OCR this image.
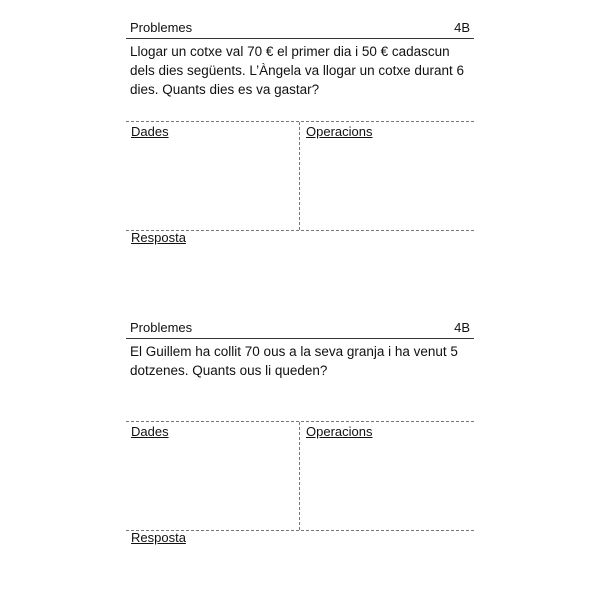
Problemes	4B

Llogar un cotxe val 70 € el primer dia i 50 € cadascun dels dies següents. L’Àngela va llogar un cotxe durant 6 dies. Quants dies es va gastar?

Dades	Operacions
Resposta
Problemes	4B

El Guillem ha collit 70 ous a la seva granja i ha venut 5 dotzenes. Quants ous li queden?

Dades	Operacions
Resposta
